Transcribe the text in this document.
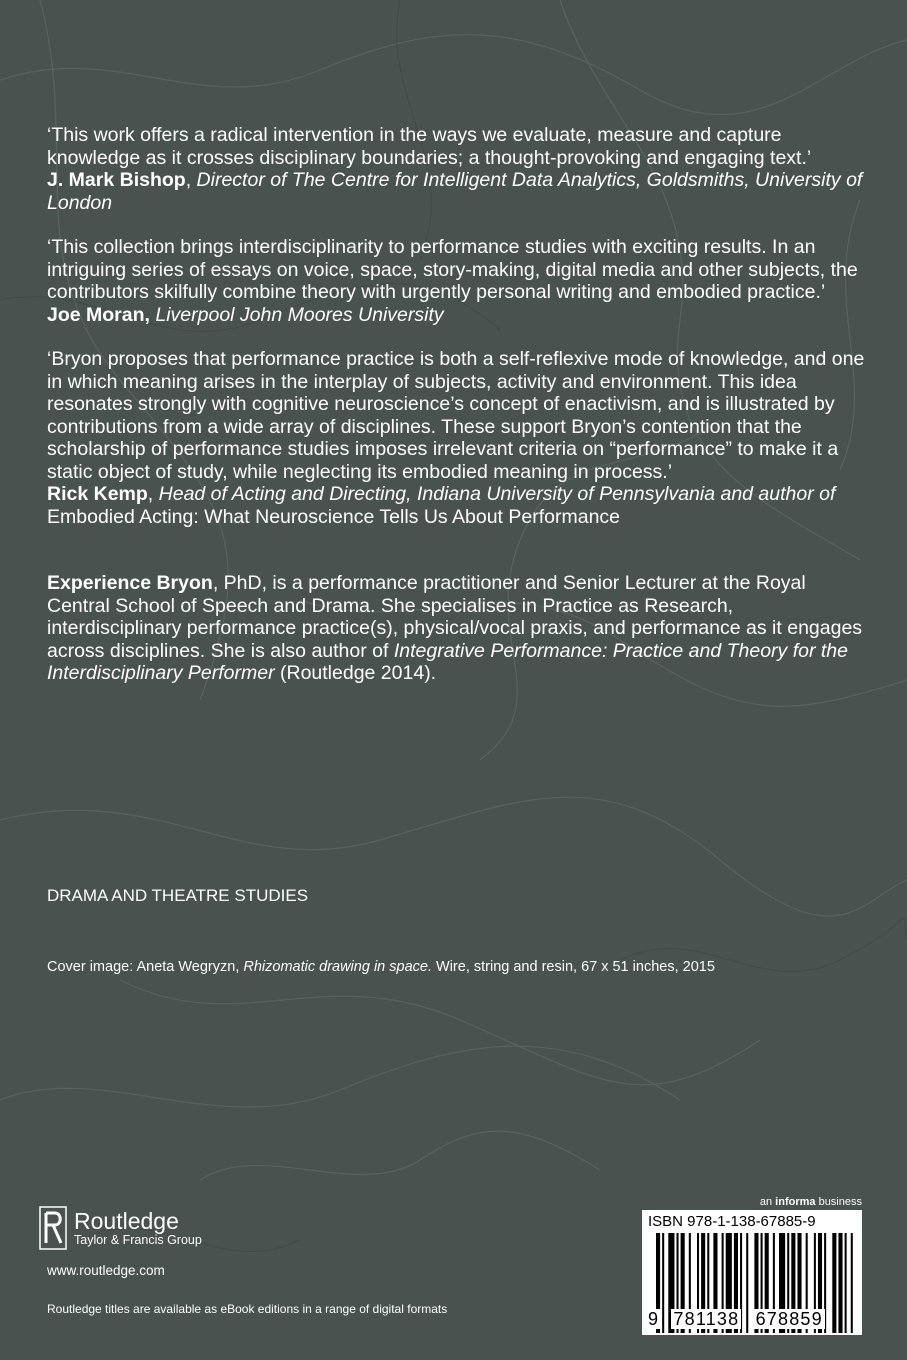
‘This work offers a radical intervention in the ways we evaluate, measure and capture knowledge as it crosses disciplinary boundaries; a thought-provoking and engaging text.’

J. Mark Bishop, Director of The Centre for Intelligent Data Analytics, Goldsmiths, University of London

‘This collection brings interdisciplinarity to performance studies with exciting results. In an intriguing series of essays on voice, space, story-making, digital media and other subjects, the contributors skilfully combine theory with urgently personal writing and embodied practice.’

Joe Moran, Liverpool John Moores University

‘Bryon proposes that performance practice is both a self-reflexive mode of knowledge, and one in which meaning arises in the interplay of subjects, activity and environment. This idea resonates strongly with cognitive neuroscience’s concept of enactivism, and is illustrated by contributions from a wide array of disciplines. These support Bryon’s contention that the scholarship of performance studies imposes irrelevant criteria on “performance” to make it a static object of study, while neglecting its embodied meaning in process.’

Rick Kemp, Head of Acting and Directing, Indiana University of Pennsylvania and author of Embodied Acting: What Neuroscience Tells Us About Performance

Experience Bryon, PhD, is a performance practitioner and Senior Lecturer at the Royal Central School of Speech and Drama. She specialises in Practice as Research, interdisciplinary performance practice(s), physical/vocal praxis, and performance as it engages across disciplines. She is also author of Integrative Performance: Practice and Theory for the Interdisciplinary Performer (Routledge 2014).

DRAMA AND THEATRE STUDIES
Cover image: Aneta Wegryzn, Rhizomatic drawing in space. Wire, string and resin, 67 x 51 inches, 2015
Routledge
Taylor & Francis Group
www.routledge.com
Routledge titles are available as eBook editions in a range of digital formats
an informa business
ISBN 978-1-138-67885-9
9 781138 678859
